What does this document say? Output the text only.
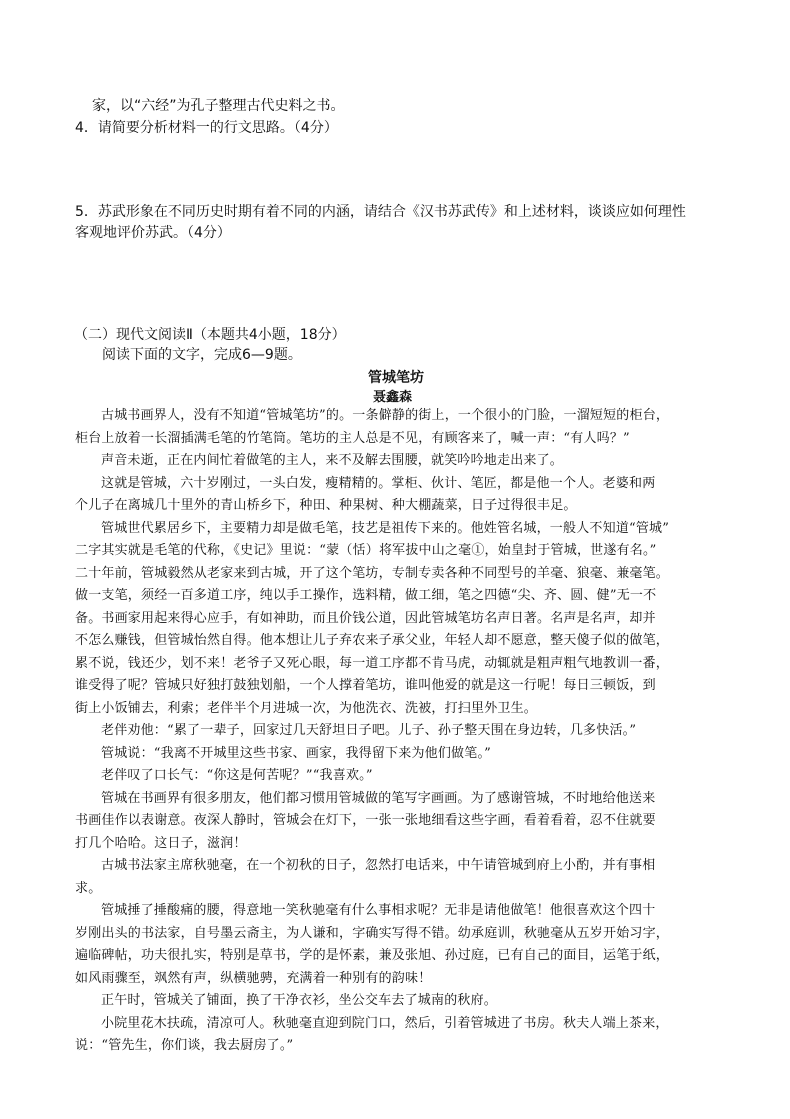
家，以“六经”为孔子整理古代史料之书。
4．请简要分析材料一的行文思路。（4分）
5．苏武形象在不同历史时期有着不同的内涵，请结合《汉书苏武传》和上述材料，谈谈应如何理性
客观地评价苏武。（4分）
（二）现代文阅读Ⅱ（本题共4小题，18分）
阅读下面的文字，完成6—9题。
管城笔坊
聂鑫森
古城书画界人，没有不知道“管城笔坊”的。一条僻静的街上，一个很小的门脸，一溜短短的柜台，
柜台上放着一长溜插满毛笔的竹笔筒。笔坊的主人总是不见，有顾客来了，喊一声：“有人吗？”
声音未逝，正在内间忙着做笔的主人，来不及解去围腰，就笑吟吟地走出来了。
这就是管城，六十岁刚过，一头白发，瘦精精的。掌柜、伙计、笔匠，都是他一个人。老婆和两
个儿子在离城几十里外的青山桥乡下，种田、种果树、种大棚蔬菜，日子过得很丰足。
管城世代累居乡下，主要精力却是做毛笔，技艺是祖传下来的。他姓管名城，一般人不知道“管城”
二字其实就是毛笔的代称，《史记》里说：“蒙（恬）将军拔中山之毫①，始皇封于管城，世遂有名。”
二十年前，管城毅然从老家来到古城，开了这个笔坊，专制专卖各种不同型号的羊毫、狼毫、兼毫笔。
做一支笔，须经一百多道工序，纯以手工操作，选料精，做工细，笔之四德“尖、齐、圆、健”无一不
备。书画家用起来得心应手，有如神助，而且价钱公道，因此管城笔坊名声日著。名声是名声，却并
不怎么赚钱，但管城怡然自得。他本想让儿子弃农来子承父业，年轻人却不愿意，整天傻子似的做笔，
累不说，钱还少，划不来！老爷子又死心眼，每一道工序都不肯马虎，动辄就是粗声粗气地教训一番，
谁受得了呢？管城只好独打鼓独划船，一个人撑着笔坊，谁叫他爱的就是这一行呢！每日三顿饭，到
街上小饭铺去，利索；老伴半个月进城一次，为他洗衣、洗被，打扫里外卫生。
老伴劝他：“累了一辈子，回家过几天舒坦日子吧。儿子、孙子整天围在身边转，几多快活。”
管城说：“我离不开城里这些书家、画家，我得留下来为他们做笔。”
老伴叹了口长气：“你这是何苦呢？”“我喜欢。”
管城在书画界有很多朋友，他们都习惯用管城做的笔写字画画。为了感谢管城，不时地给他送来
书画佳作以表谢意。夜深人静时，管城会在灯下，一张一张地细看这些字画，看着看着，忍不住就要
打几个哈哈。这日子，滋润！
古城书法家主席秋驰毫，在一个初秋的日子，忽然打电话来，中午请管城到府上小酌，并有事相
求。
管城捶了捶酸痛的腰，得意地一笑秋驰毫有什么事相求呢？无非是请他做笔！他很喜欢这个四十
岁刚出头的书法家，自号墨云斋主，为人谦和，字确实写得不错。幼承庭训，秋驰毫从五岁开始习字，
遍临碑帖，功夫很扎实，特别是草书，学的是怀素，兼及张旭、孙过庭，已有自己的面目，运笔于纸，
如风雨骤至，飒然有声，纵横驰骋，充满着一种别有的韵味！
正午时，管城关了铺面，换了干净衣衫，坐公交车去了城南的秋府。
小院里花木扶疏，清凉可人。秋驰毫直迎到院门口，然后，引着管城进了书房。秋夫人端上茶来，
说：“管先生，你们谈，我去厨房了。”
